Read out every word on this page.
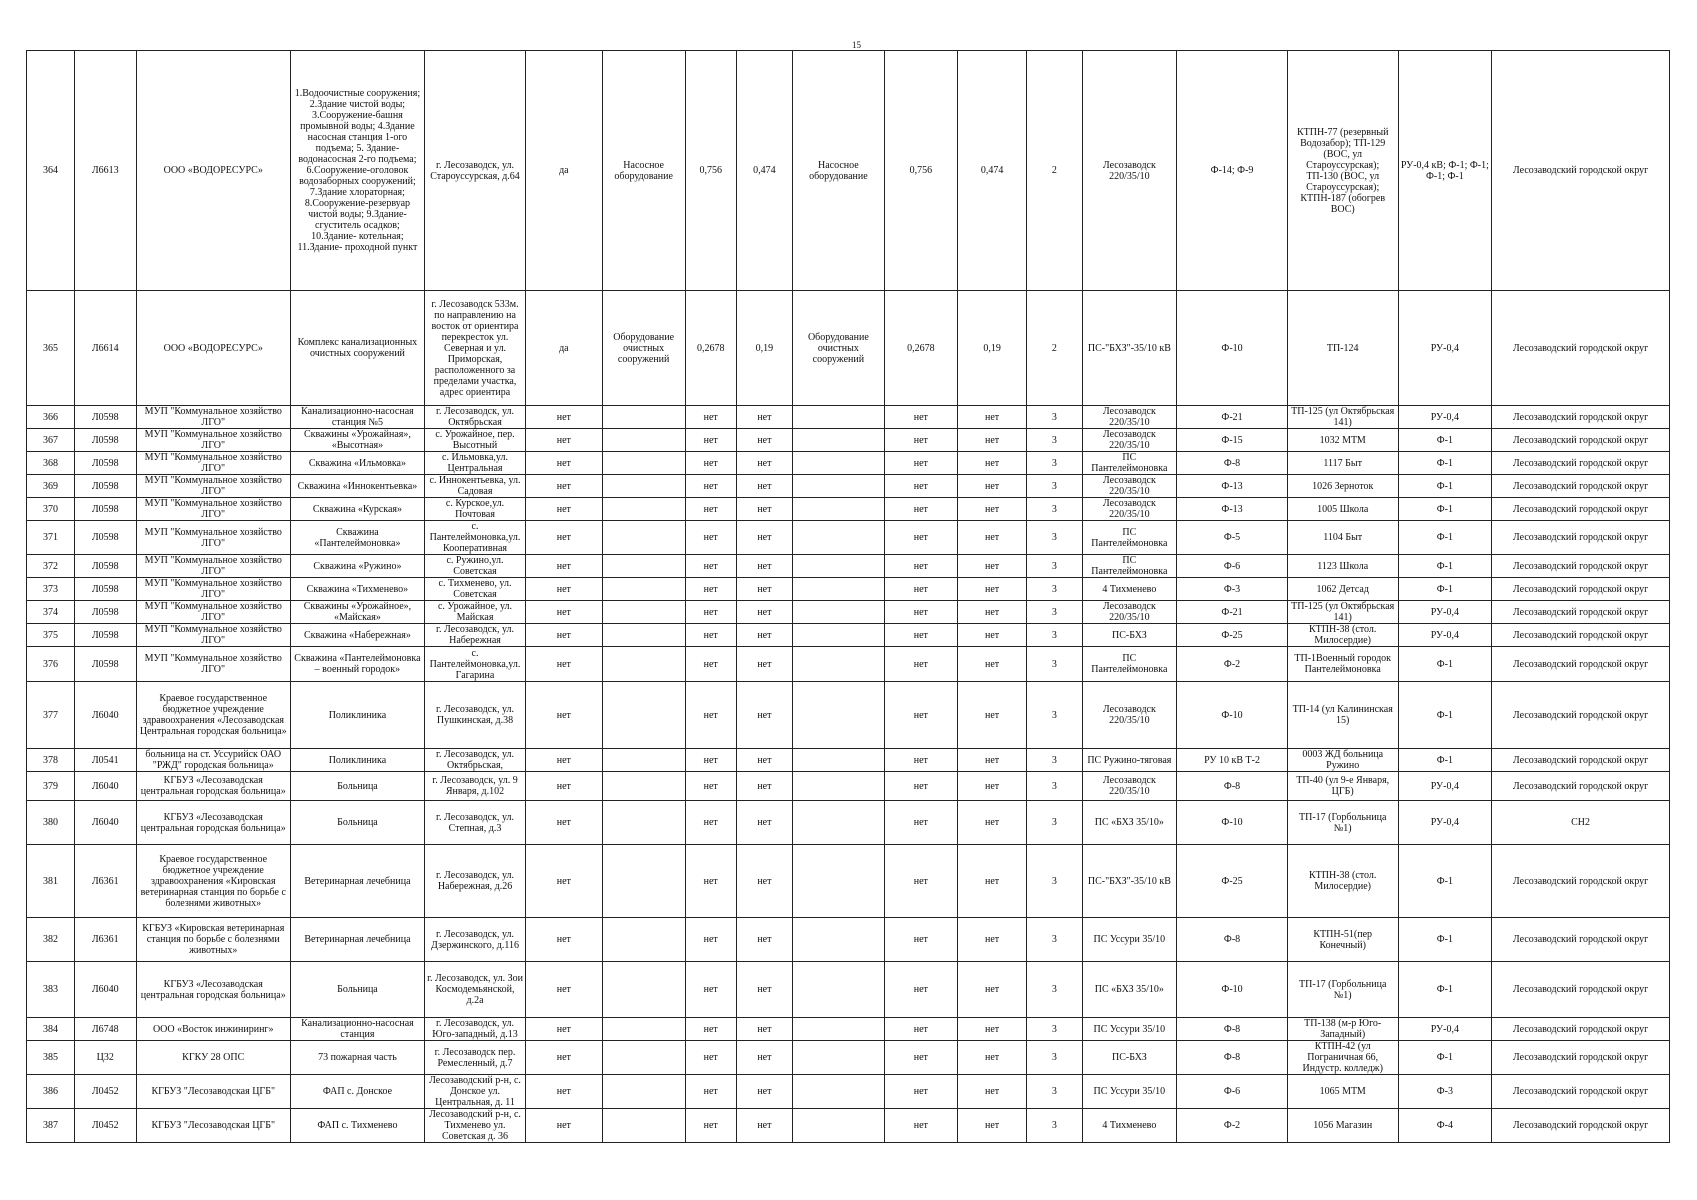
15
364	Л6613	ООО «ВОДОРЕСУРС»	1.Водоочистные сооружения; 2.Здание чистой воды; 3.Сооружение-башня промывной воды; 4.Здание насосная станция 1-ого подъема; 5. Здание-водонасосная 2-го подъема; 6.Сооружение-оголовок водозаборных сооружений; 7.Здание хлораторная; 8.Сооружение-резервуар чистой воды; 9.Здание-сгуститель осадков; 10.Здание- котельная; 11.Здание- проходной пункт	г. Лесозаводск, ул. Староуссурская, д.64	да	Насосное оборудование	0,756	0,474	Насосное оборудование	0,756	0,474	2	Лесозаводск 220/35/10	Ф-14; Ф-9	КТПН-77 (резервный Водозабор); ТП-129 (ВОС, ул Староуссурская); ТП-130 (ВОС, ул Староуссурская); КТПН-187 (обогрев ВОС)	РУ-0,4 кВ; Ф-1; Ф-1; Ф-1; Ф-1	Лесозаводский городской округ
365	Л6614	ООО «ВОДОРЕСУРС»	Комплекс канализационных очистных сооружений	г. Лесозаводск 533м. по направлению на восток от ориентира перекресток ул. Северная и ул. Приморская, расположенного за пределами участка, адрес ориентира	да	Оборудование очистных сооружений	0,2678	0,19	Оборудование очистных сооружений	0,2678	0,19	2	ПС-"БХЗ"-35/10 кВ	Ф-10	ТП-124	РУ-0,4	Лесозаводский городской округ
366	Л0598	МУП "Коммунальное хозяйство ЛГО"	Канализационно-насосная станция №5	г. Лесозаводск, ул. Октябрьская	нет		нет	нет		нет	нет	3	Лесозаводск 220/35/10	Ф-21	ТП-125 (ул Октябрьская 141)	РУ-0,4	Лесозаводский городской округ
367	Л0598	МУП "Коммунальное хозяйство ЛГО"	Скважины «Урожайная», «Высотная»	с. Урожайное, пер. Высотный	нет		нет	нет		нет	нет	3	Лесозаводск 220/35/10	Ф-15	1032 МТМ	Ф-1	Лесозаводский городской округ
368	Л0598	МУП "Коммунальное хозяйство ЛГО"	Скважина «Ильмовка»	с. Ильмовка,ул. Центральная	нет		нет	нет		нет	нет	3	ПС Пантелеймоновка	Ф-8	1117 Быт	Ф-1	Лесозаводский городской округ
369	Л0598	МУП "Коммунальное хозяйство ЛГО"	Скважина «Иннокентьевка»	с. Иннокентьевка, ул. Садовая	нет		нет	нет		нет	нет	3	Лесозаводск 220/35/10	Ф-13	1026 Зерноток	Ф-1	Лесозаводский городской округ
370	Л0598	МУП "Коммунальное хозяйство ЛГО"	Скважина «Курская»	с. Курское,ул. Почтовая	нет		нет	нет		нет	нет	3	Лесозаводск 220/35/10	Ф-13	1005 Школа	Ф-1	Лесозаводский городской округ
371	Л0598	МУП "Коммунальное хозяйство ЛГО"	Скважина «Пантелеймоновка»	с. Пантелеймоновка,ул. Кооперативная	нет		нет	нет		нет	нет	3	ПС Пантелеймоновка	Ф-5	1104 Быт	Ф-1	Лесозаводский городской округ
372	Л0598	МУП "Коммунальное хозяйство ЛГО"	Скважина «Ружино»	с. Ружино,ул. Советская	нет		нет	нет		нет	нет	3	ПС Пантелеймоновка	Ф-6	1123 Школа	Ф-1	Лесозаводский городской округ
373	Л0598	МУП "Коммунальное хозяйство ЛГО"	Скважина «Тихменево»	с. Тихменево, ул. Советская	нет		нет	нет		нет	нет	3	4 Тихменево	Ф-3	1062 Детсад	Ф-1	Лесозаводский городской округ
374	Л0598	МУП "Коммунальное хозяйство ЛГО"	Скважины «Урожайное», «Майская»	с. Урожайное, ул. Майская	нет		нет	нет		нет	нет	3	Лесозаводск 220/35/10	Ф-21	ТП-125 (ул Октябрьская 141)	РУ-0,4	Лесозаводский городской округ
375	Л0598	МУП "Коммунальное хозяйство ЛГО"	Скважина «Набережная»	г. Лесозаводск, ул. Набережная	нет		нет	нет		нет	нет	3	ПС-БХЗ	Ф-25	КТПН-38 (стол. Милосердие)	РУ-0,4	Лесозаводский городской округ
376	Л0598	МУП "Коммунальное хозяйство ЛГО"	Скважина «Пантелеймоновка – военный городок»	с. Пантелеймоновка,ул. Гагарина	нет		нет	нет		нет	нет	3	ПС Пантелеймоновка	Ф-2	ТП-1Военный городок Пантелеймоновка	Ф-1	Лесозаводский городской округ
377	Л6040	Краевое государственное бюджетное учреждение здравоохранения «Лесозаводская Центральная городская больница»	Поликлиника	г. Лесозаводск, ул. Пушкинская, д.38	нет		нет	нет		нет	нет	3	Лесозаводск 220/35/10	Ф-10	ТП-14 (ул Калининская 15)	Ф-1	Лесозаводский городской округ
378	Л0541	больница на ст. Уссурийск ОАО "РЖД" городская больница»	Поликлиника	г. Лесозаводск, ул. Октябрьская,	нет		нет	нет		нет	нет	3	ПС Ружино-тяговая	РУ 10 кВ Т-2	0003 ЖД больница Ружино	Ф-1	Лесозаводский городской округ
379	Л6040	КГБУЗ «Лесозаводская центральная городская больница»	Больница	г. Лесозаводск, ул. 9 Января, д.102	нет		нет	нет		нет	нет	3	Лесозаводск 220/35/10	Ф-8	ТП-40 (ул 9-е Января, ЦГБ)	РУ-0,4	Лесозаводский городской округ
380	Л6040	КГБУЗ «Лесозаводская центральная городская больница»	Больница	г. Лесозаводск, ул. Степная, д.3	нет		нет	нет		нет	нет	3	ПС «БХЗ 35/10»	Ф-10	ТП-17 (Горбольница №1)	РУ-0,4	СН2
381	Л6361	Краевое государственное бюджетное учреждение здравоохранения «Кировская ветеринарная станция по борьбе с болезнями животных»	Ветеринарная лечебница	г. Лесозаводск, ул. Набережная, д.26	нет		нет	нет		нет	нет	3	ПС-"БХЗ"-35/10 кВ	Ф-25	КТПН-38 (стол. Милосердие)	Ф-1	Лесозаводский городской округ
382	Л6361	КГБУЗ «Кировская ветеринарная станция по борьбе с болезнями животных»	Ветеринарная лечебница	г. Лесозаводск, ул. Дзержинского, д.116	нет		нет	нет		нет	нет	3	ПС Уссури 35/10	Ф-8	КТПН-51(пер Конечный)	Ф-1	Лесозаводский городской округ
383	Л6040	КГБУЗ «Лесозаводская центральная городская больница»	Больница	г. Лесозаводск, ул. Зои Космодемьянской, д.2а	нет		нет	нет		нет	нет	3	ПС «БХЗ 35/10»	Ф-10	ТП-17 (Горбольница №1)	Ф-1	Лесозаводский городской округ
384	Л6748	ООО «Восток инжиниринг»	Канализационно-насосная станция	г. Лесозаводск, ул. Юго-западный, д.13	нет		нет	нет		нет	нет	3	ПС Уссури 35/10	Ф-8	ТП-138 (м-р Юго-Западный)	РУ-0,4	Лесозаводский городской округ
385	Ц32	КГКУ 28 ОПС	73 пожарная часть	г. Лесозаводск пер. Ремесленный, д.7	нет		нет	нет		нет	нет	3	ПС-БХЗ	Ф-8	КТПН-42 (ул Пограничная 66, Индустр. колледж)	Ф-1	Лесозаводский городской округ
386	Л0452	КГБУЗ "Лесозаводская ЦГБ"	ФАП с. Донское	Лесозаводский р-н, с. Донское ул. Центральная, д. 11	нет		нет	нет		нет	нет	3	ПС Уссури 35/10	Ф-6	1065 МТМ	Ф-3	Лесозаводский городской округ
387	Л0452	КГБУЗ "Лесозаводская ЦГБ"	ФАП с. Тихменево	Лесозаводский р-н, с. Тихменево ул. Советская д. 36	нет		нет	нет		нет	нет	3	4 Тихменево	Ф-2	1056 Магазин	Ф-4	Лесозаводский городской округ
